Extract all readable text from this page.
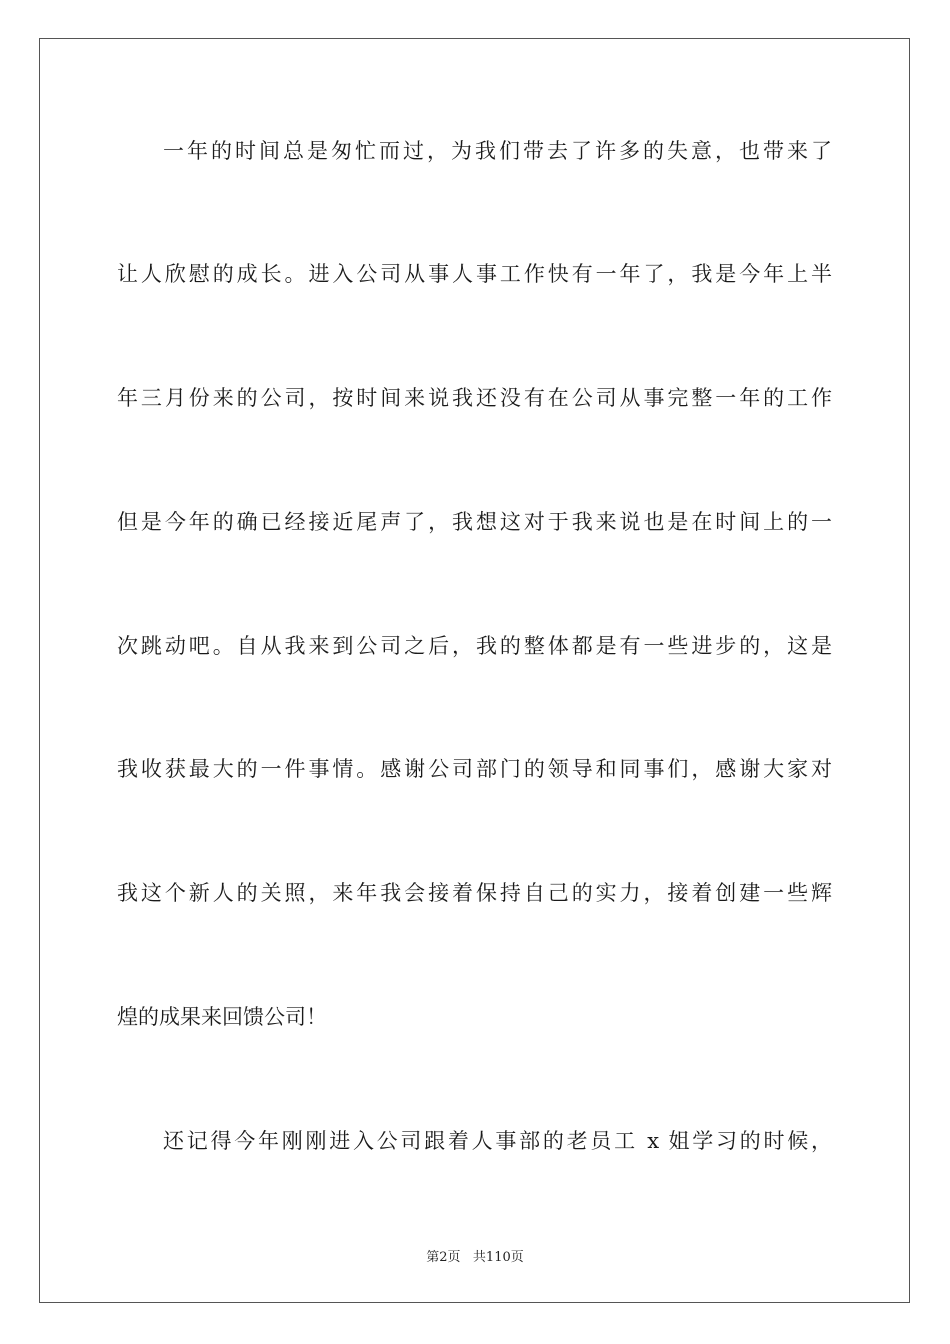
一年的时间总是匆忙而过，为我们带去了许多的失意，也带来了
让人欣慰的成长。进入公司从事人事工作快有一年了，我是今年上半
年三月份来的公司，按时间来说我还没有在公司从事完整一年的工作
但是今年的确已经接近尾声了，我想这对于我来说也是在时间上的一
次跳动吧。自从我来到公司之后，我的整体都是有一些进步的，这是
我收获最大的一件事情。感谢公司部门的领导和同事们，感谢大家对
我这个新人的关照，来年我会接着保持自己的实力，接着创建一些辉
煌的成果来回馈公司！
还记得今年刚刚进入公司跟着人事部的老员工 x 姐学习的时候，
第2页 共110页
